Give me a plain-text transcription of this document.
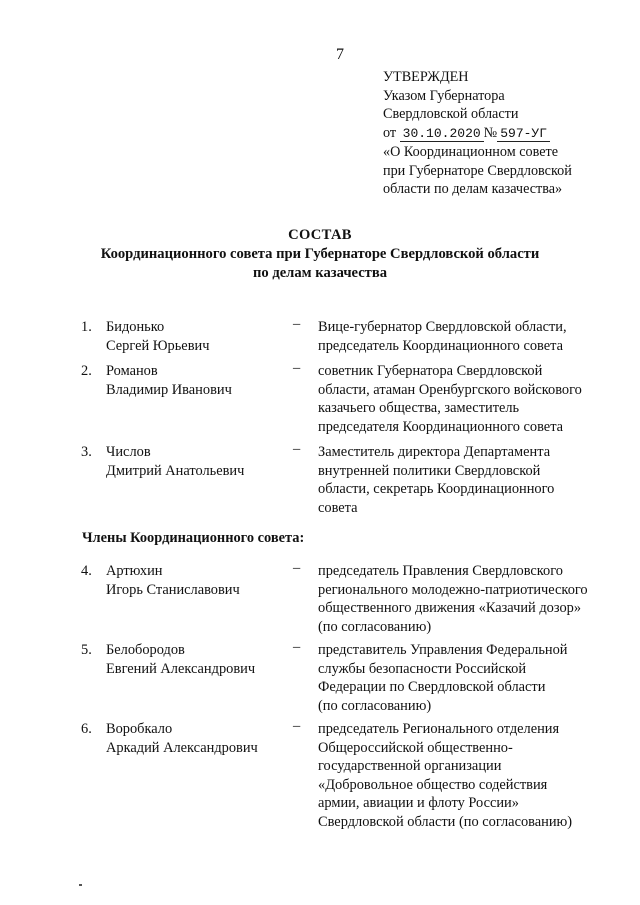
7
УТВЕРЖДЕН
Указом Губернатора
Свердловской области
от 30.10.2020 № 597-УГ
«О Координационном совете
при Губернаторе Свердловской
области по делам казачества»
СОСТАВ
Координационного совета при Губернаторе Свердловской области
по делам казачества
1. Бидонько
Сергей Юрьевич
– Вице-губернатор Свердловской области,
председатель Координационного совета
2. Романов
Владимир Иванович
– советник Губернатора Свердловской
области, атаман Оренбургского войскового
казачьего общества, заместитель
председателя Координационного совета
3. Числов
Дмитрий Анатольевич
– Заместитель директора Департамента
внутренней политики Свердловской
области, секретарь Координационного
совета
Члены Координационного совета:
4. Артюхин
Игорь Станиславович
– председатель Правления Свердловского
регионального молодежно-патриотического
общественного движения «Казачий дозор»
(по согласованию)
5. Белобородов
Евгений Александрович
– представитель Управления Федеральной
службы безопасности Российской
Федерации по Свердловской области
(по согласованию)
6. Воробкало
Аркадий Александрович
– председатель Регионального отделения
Общероссийской общественно-
государственной организации
«Добровольное общество содействия
армии, авиации и флоту России»
Свердловской области (по согласованию)
